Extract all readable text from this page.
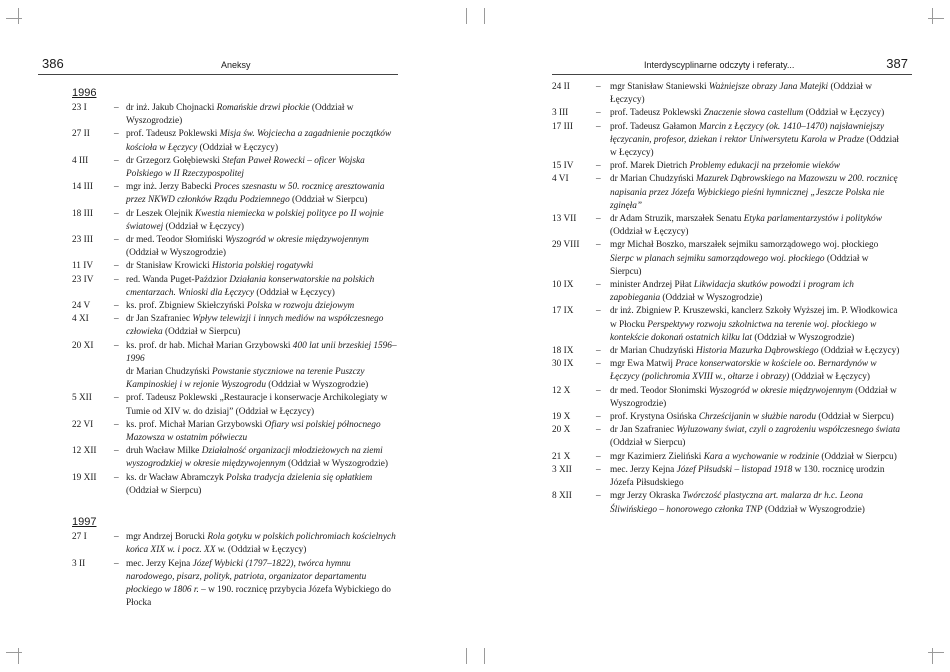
386	Aneksy
1996
23 I	– dr inż. Jakub Chojnacki Romańskie drzwi płockie (Oddział w Wyszogrodzie)
27 II	– prof. Tadeusz Poklewski Misja św. Wojciecha a zagadnienie początków kościoła w Łęczycy (Oddział w Łęczycy)
4 III	– dr Grzegorz Gołębiewski Stefan Paweł Rowecki – oficer Wojska Polskiego w II Rzeczypospolitej
14 III	– mgr inż. Jerzy Babecki Proces szesnastu w 50. rocznicę aresztowania przez NKWD członków Rządu Podziemnego (Oddział w Sierpcu)
18 III	– dr Leszek Olejnik Kwestia niemiecka w polskiej polityce po II wojnie światowej (Oddział w Łęczycy)
23 III	– dr med. Teodor Słomiński Wyszogród w okresie międzywojennym (Oddział w Wyszogrodzie)
11 IV	– dr Stanisław Krowicki Historia polskiej rogatywki
23 IV	– red. Wanda Puget-Paździor Działania konserwatorskie na polskich cmentarzach. Wnioski dla Łęczycy (Oddział w Łęczycy)
24 V	– ks. prof. Zbigniew Skiełczyński Polska w rozwoju dziejowym
4 XI	– dr Jan Szafraniec Wpływ telewizji i innych mediów na współczesnego człowieka (Oddział w Sierpcu)
20 XI	– ks. prof. dr hab. Michał Marian Grzybowski 400 lat unii brzeskiej 1596–1996
dr Marian Chudzyński Powstanie styczniowe na terenie Puszczy Kampinoskiej i w rejonie Wyszogrodu (Oddział w Wyszogrodzie)
5 XII	– prof. Tadeusz Poklewski „Restauracje i konserwacje Archikolegiaty w Tumie od XIV w. do dzisiaj” (Oddział w Łęczycy)
22 VI	– ks. prof. Michał Marian Grzybowski Ofiary wsi polskiej północnego Mazowsza w ostatnim półwieczu
12 XII	– druh Wacław Milke Działalność organizacji młodzieżowych na ziemi wyszogrodzkiej w okresie międzywojennym (Oddział w Wyszogrodzie)
19 XII	– ks. dr Wacław Abramczyk Polska tradycja dzielenia się opłatkiem (Oddział w Sierpcu)
1997
27 I	– mgr Andrzej Borucki Rola gotyku w polskich polichromiach kościelnych końca XIX w. i pocz. XX w. (Oddział w Łęczycy)
3 II	– mec. Jerzy Kejna Józef Wybicki (1797–1822), twórca hymnu narodowego, pisarz, polityk, patriota, organizator departamentu płockiego w 1806 r. – w 190. rocznicę przybycia Józefa Wybickiego do Płocka
Interdyscyplinarne odczyty i referaty...	387
24 II	–	mgr Stanisław Staniewski Ważniejsze obrazy Jana Matejki (Oddział w Łęczycy)
3 III	–	prof. Tadeusz Poklewski Znaczenie słowa castellum (Oddział w Łęczycy)
17 III	–	prof. Tadeusz Gałamon Marcin z Łęczycy (ok. 1410–1470) najsławniejszy łęczycanin, profesor, dziekan i rektor Uniwersytetu Karola w Pradze (Oddział w Łęczycy)
15 IV	–	prof. Marek Dietrich Problemy edukacji na przełomie wieków
4 VI	–	dr Marian Chudzyński Mazurek Dąbrowskiego na Mazowszu w 200. rocznicę napisania przez Józefa Wybickiego pieśni hymnicznej „Jeszcze Polska nie zginęła”
13 VII	–	dr Adam Struzik, marszałek Senatu Etyka parlamentarzystów i polityków (Oddział w Łęczycy)
29 VIII	–	mgr Michał Boszko, marszałek sejmiku samorządowego woj. płockiego Sierpc w planach sejmiku samorządowego woj. płockiego (Oddział w Sierpcu)
10 IX	–	minister Andrzej Piłat Likwidacja skutków powodzi i program ich zapobiegania (Oddział w Wyszogrodzie)
17 IX	–	dr inż. Zbigniew P. Kruszewski, kanclerz Szkoły Wyższej im. P. Włodkowica w Płocku Perspektywy rozwoju szkolnictwa na terenie woj. płockiego w kontekście dokonań ostatnich kilku lat (Oddział w Wyszogrodzie)
18 IX	–	dr Marian Chudzyński Historia Mazurka Dąbrowskiego (Oddział w Łęczycy)
30 IX	–	mgr Ewa Matwij Prace konserwatorskie w kościele oo. Bernardynów w Łęczycy (polichromia XVIII w., ołtarze i obrazy) (Oddział w Łęczycy)
12 X	–	dr med. Teodor Słonimski Wyszogród w okresie międzywojennym (Oddział w Wyszogrodzie)
19 X	–	prof. Krystyna Osińska Chrześcijanin w służbie narodu (Oddział w Sierpcu)
20 X	–	dr Jan Szafraniec Wyluzowany świat, czyli o zagrożeniu współczesnego świata (Oddział w Sierpcu)
21 X	–	mgr Kazimierz Zieliński Kara a wychowanie w rodzinie (Oddział w Sierpcu)
3 XII	–	mec. Jerzy Kejna Józef Piłsudski – listopad 1918 w 130. rocznicę urodzin Józefa Piłsudskiego
8 XII	–	mgr Jerzy Okraska Twórczość plastyczna art. malarza dr h.c. Leona Śliwińskiego – honorowego członka TNP (Oddział w Wyszogrodzie)
